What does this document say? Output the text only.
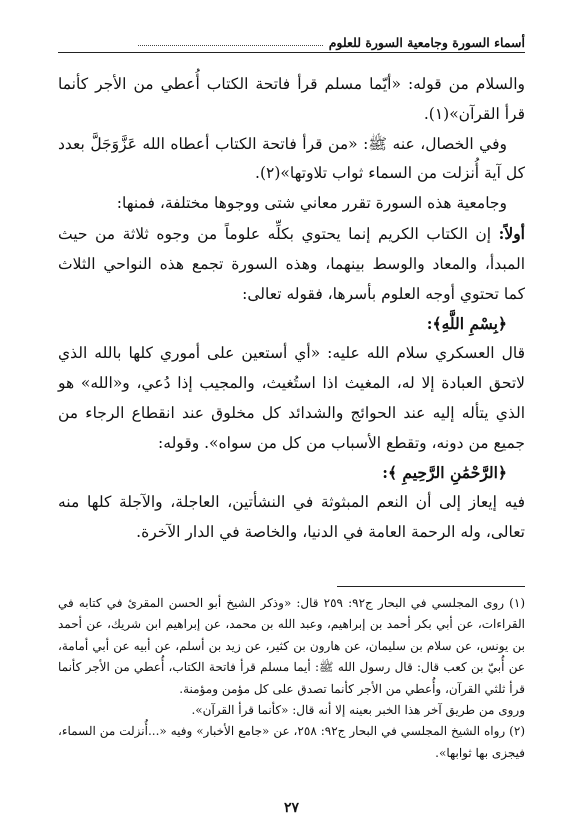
أسماء السورة وجامعية السورة للعلوم

والسلام من قوله: «أيّما مسلم قرأ فاتحة الكتاب أُعطي من الأجر كأنما قرأ القرآن»(١).

وفي الخصال، عنه ﷺ: «من قرأ فاتحة الكتاب أعطاه الله عَزَّوَجَلَّ بعدد كل آية أُنزلت من السماء ثواب تلاوتها»(٢).

وجامعية هذه السورة تقرر معاني شتى ووجوها مختلفة، فمنها:

أولاً: إن الكتاب الكريم إنما يحتوي بكلِّه علوماً من وجوه ثلاثة من حيث المبدأ، والمعاد والوسط بينهما، وهذه السورة تجمع هذه النواحي الثلاث كما تحتوي أوجه العلوم بأسرها، فقوله تعالى:

﴿بِسْمِ اللَّهِ﴾:

قال العسكري سلام الله عليه: «أي أستعين على أموري كلها بالله الذي لاتحق العبادة إلا له، المغيث اذا استُغيث، والمجيب إذا دُعي، و«الله» هو الذي يتأله إليه عند الحوائج والشدائد كل مخلوق عند انقطاع الرجاء من جميع من دونه، وتقطع الأسباب من كل من سواه». وقوله:

﴿الرَّحْمَٰنِ الرَّحِيمِ ﴾:

فيه إيعاز إلى أن النعم المبثوثة في النشأتين، العاجلة، والآجلة كلها منه تعالى، وله الرحمة العامة في الدنيا، والخاصة في الدار الآخرة.

(١) روى المجلسي في البحار ج٩٢: ٢٥٩ قال: «وذكر الشيخ أبو الحسن المقرئ في كتابه في القراءات، عن أبي بكر أحمد بن إبراهيم، وعبد الله بن محمد، عن إبراهيم ابن شريك، عن أحمد بن يونس، عن سلام بن سليمان، عن هارون بن كثير، عن زيد بن أسلم، عن أبيه عن أبي أمامة، عن أُبيّ بن كعب قال: قال رسول الله ﷺ: أيما مسلم قرأ فاتحة الكتاب، أُعطي من الأجر كأنما قرأ ثلثي القرآن، وأُعطي من الأجر كأنما تصدق على كل مؤمن ومؤمنة.

وروى من طريق آخر هذا الخبر بعينه إلا أنه قال: «كأنما قرأ القرآن».

(٢) رواه الشيخ المجلسي في البحار ج٩٢: ٢٥٨، عن «جامع الأخبار» وفيه «...أُنزلت من السماء، فيجزى بها ثوابها».

٢٧
